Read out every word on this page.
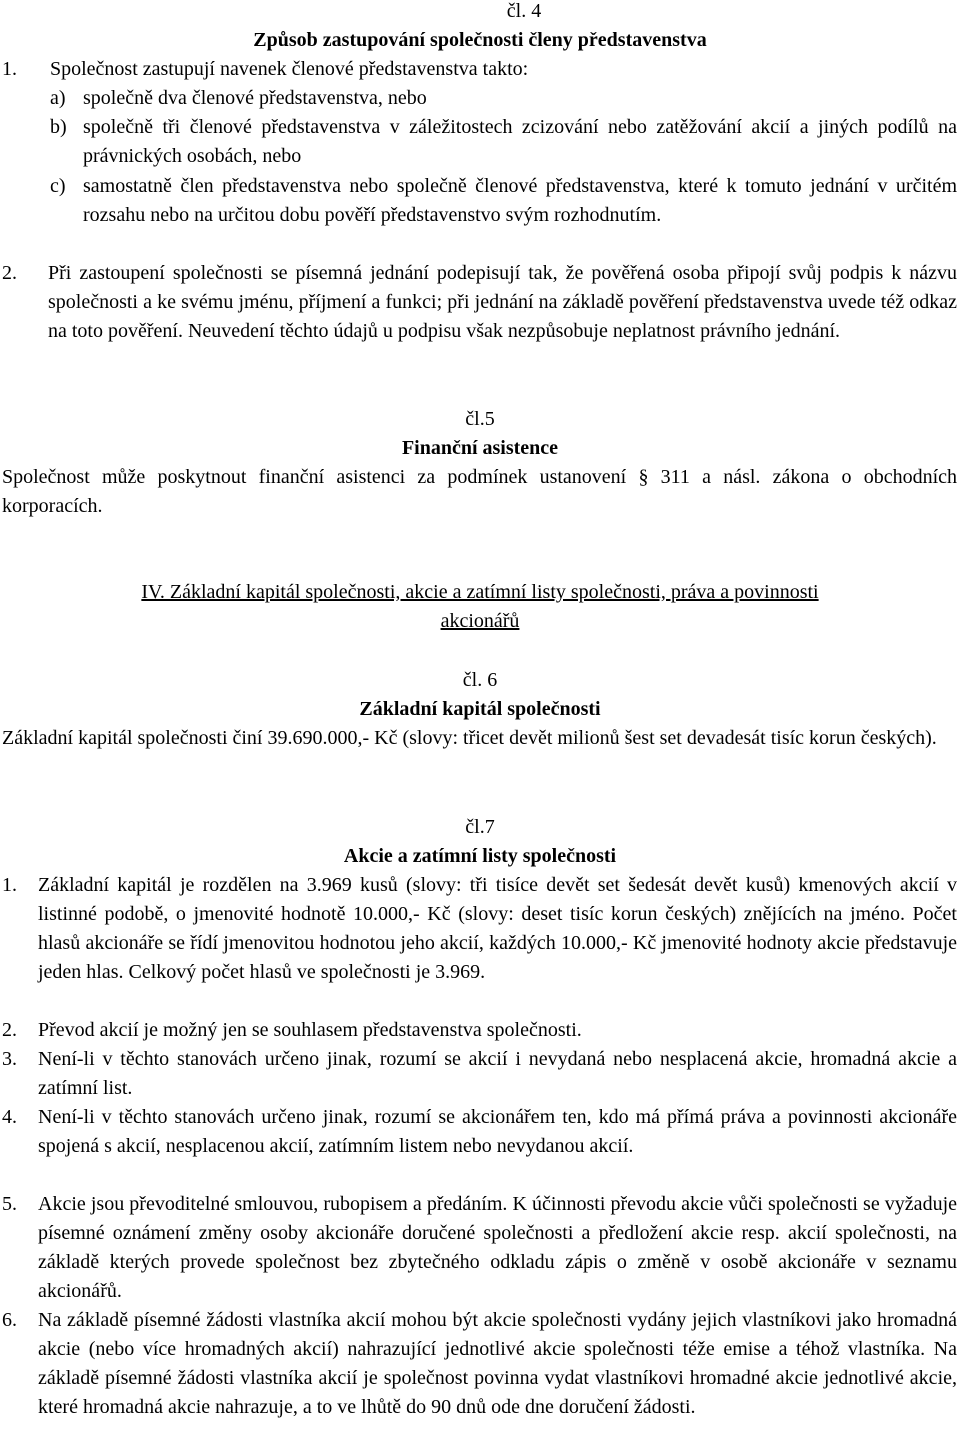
čl. 4
Způsob zastupování společnosti členy představenstva
1.	Společnost zastupují navenek členové představenstva takto:
a) společně dva členové představenstva, nebo
b) společně tři členové představenstva v záležitostech zcizování nebo zatěžování akcií a jiných podílů na právnických osobách, nebo
c) samostatně člen představenstva nebo společně členové představenstva, které k tomuto jednání v určitém rozsahu nebo na určitou dobu pověří představenstvo svým rozhodnutím.
2.	Při zastoupení společnosti se písemná jednání podepisují tak, že pověřená osoba připojí svůj podpis k názvu společnosti a ke svému jménu, příjmení a funkci; při jednání na základě pověření představenstva uvede též odkaz na toto pověření. Neuvedení těchto údajů u podpisu však nezpůsobuje neplatnost právního jednání.
čl.5
Finanční asistence
Společnost může poskytnout finanční asistenci za podmínek ustanovení § 311 a násl. zákona o obchodních korporacích.
IV. Základní kapitál společnosti, akcie a zatímní listy společnosti, práva a povinnosti
akcionářů
čl. 6
Základní kapitál společnosti
Základní kapitál společnosti činí 39.690.000,- Kč (slovy: třicet devět milionů šest set devadesát tisíc korun českých).
čl.7
Akcie a zatímní listy společnosti
1.	Základní kapitál je rozdělen na 3.969 kusů (slovy: tři tisíce devět set šedesát devět kusů) kmenových akcií v listinné podobě, o jmenovité hodnotě 10.000,- Kč (slovy: deset tisíc korun českých) znějících na jméno. Počet hlasů akcionáře se řídí jmenovitou hodnotou jeho akcií, každých 10.000,- Kč jmenovité hodnoty akcie představuje jeden hlas. Celkový počet hlasů ve společnosti je 3.969.
2.	Převod akcií je možný jen se souhlasem představenstva společnosti.
3.	Není-li v těchto stanovách určeno jinak, rozumí se akcií i nevydaná nebo nesplacená akcie, hromadná akcie a zatímní list.
4.	Není-li v těchto stanovách určeno jinak, rozumí se akcionářem ten, kdo má přímá práva a povinnosti akcionáře spojená s akcií, nesplacenou akcií, zatímním listem nebo nevydanou akcií.
5.	Akcie jsou převoditelné smlouvou, rubopisem a předáním. K účinnosti převodu akcie vůči společnosti se vyžaduje písemné oznámení změny osoby akcionáře doručené společnosti a předložení akcie resp. akcií společnosti, na základě kterých provede společnost bez zbytečného odkladu zápis o změně v osobě akcionáře v seznamu akcionářů.
6.	Na základě písemné žádosti vlastníka akcií mohou být akcie společnosti vydány jejich vlastníkovi jako hromadná akcie (nebo více hromadných akcií) nahrazující jednotlivé akcie společnosti téže emise a téhož vlastníka. Na základě písemné žádosti vlastníka akcií je společnost povinna vydat vlastníkovi hromadné akcie jednotlivé akcie, které hromadná akcie nahrazuje, a to ve lhůtě do 90 dnů ode dne doručení žádosti.
